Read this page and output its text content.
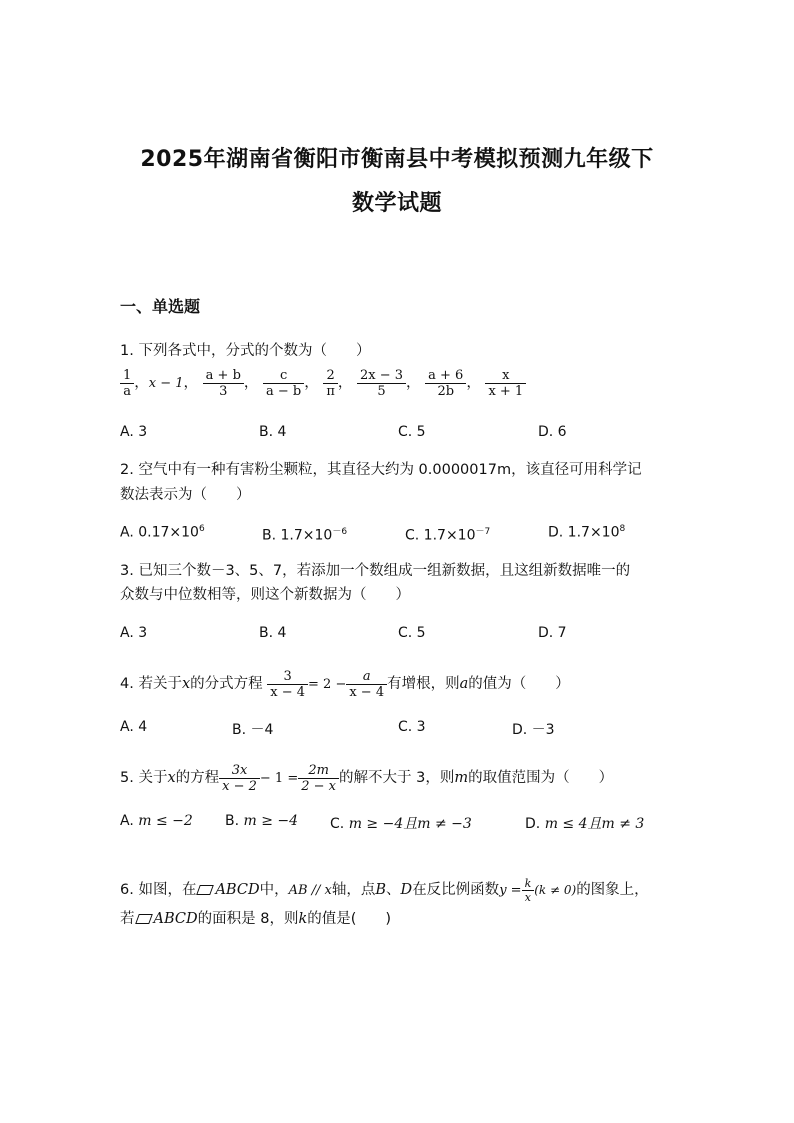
2025年湖南省衡阳市衡南县中考模拟预测九年级下
数学试题
一、单选题
1. 下列各式中，分式的个数为（　　）
$\frac{1}{a}$ ，x − 1， $\frac{a + b}{3}$ ， $\frac{c}{a - b}$ ， $\frac{2}{\pi}$ ， $\frac{2x - 3}{5}$ ， $\frac{a + 6}{2b}$ ， $\frac{x}{x + 1}$
A. 3	B. 4	C. 5	D. 6
2. 空气中有一种有害粉尘颗粒，其直径大约为 0.0000017m，该直径可用科学记
数法表示为（　　）
A. $0.17\times 10^6$	B. $1.7\times 10^{-6}$	C. $1.7\times 10^{-7}$	D. $1.7\times 10^8$
3. 已知三个数－3、5、7，若添加一个数组成一组新数据，且这组新数据唯一的
众数与中位数相等，则这个新数据为（　　）
A. 3	B. 4	C. 5	D. 7
4. 若关于x的分式方程 $\frac{3}{x - 4} = 2 - \frac{a}{x - 4}$ 有增根，则a的值为（　　）
A. 4	B. －4	C. 3	D. －3
5. 关于x的方程 $\frac{3x}{x - 2} - 1 = \frac{2m}{2 - x}$ 的解不大于 3，则m的取值范围为（　　）
A. m ≤ −2 B. m ≥ −4 C. m ≥ −4且m ≠ −3	D. m ≤ 4且m ≠ 3
6. 如图，在 ABCD中，AB // x轴，点B、D在反比例函数$y = \frac{k}{x} (k \ne 0)$的图象上，
若 ABCD的面积是 8，则k的值是(　　)
